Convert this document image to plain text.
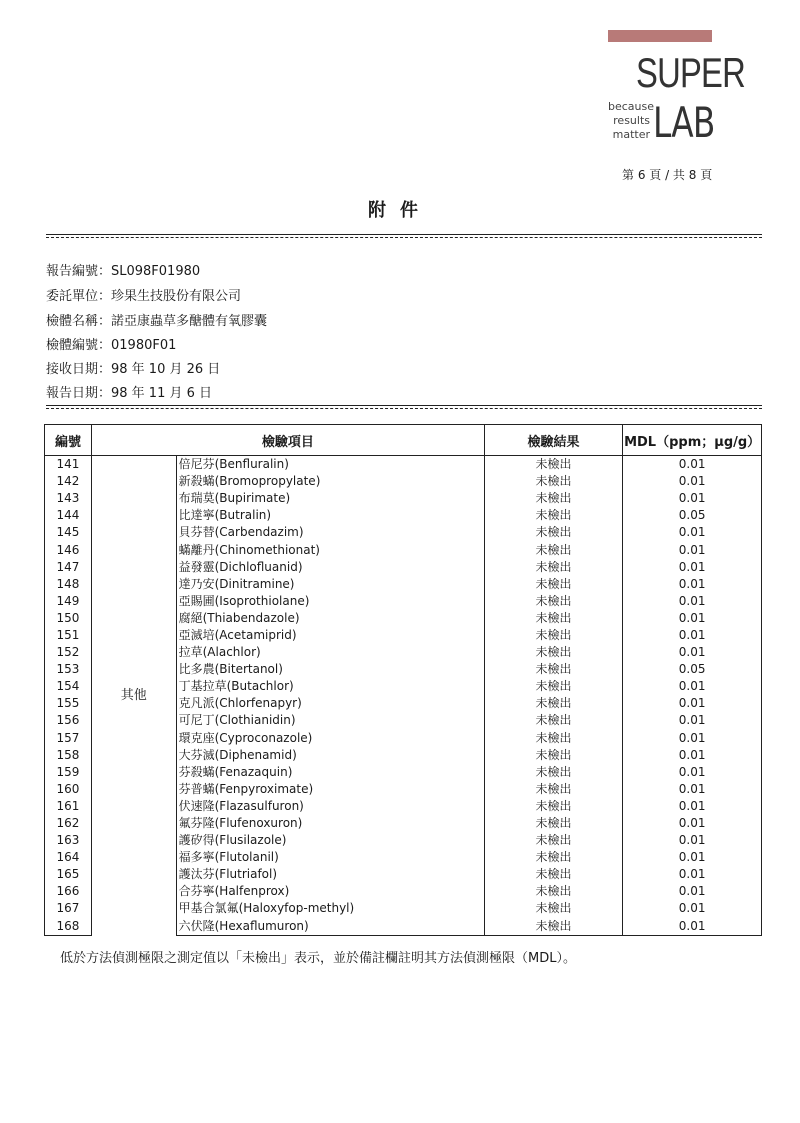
SUPER
because
results
matter LAB
第 6 頁 / 共 8 頁
附件
報告編號：SL098F01980
委託單位：珍果生技股份有限公司
檢體名稱：諾亞康蟲草多醣體有氧膠囊
檢體編號：01980F01
接收日期：98 年 10 月 26 日
報告日期：98 年 11 月 6 日
編號	檢驗項目		檢驗結果	MDL（ppm；μg/g）
141	其他	倍尼芬(Benfluralin)	未檢出	0.01
142		新殺蟎(Bromopropylate)	未檢出	0.01
143		布瑞莫(Bupirimate)	未檢出	0.01
144		比達寧(Butralin)	未檢出	0.05
145		貝芬替(Carbendazim)	未檢出	0.01
146		蟎離丹(Chinomethionat)	未檢出	0.01
147		益發靈(Dichlofluanid)	未檢出	0.01
148		達乃安(Dinitramine)	未檢出	0.01
149		亞賜圃(Isoprothiolane)	未檢出	0.01
150		腐絕(Thiabendazole)	未檢出	0.01
151		亞滅培(Acetamiprid)	未檢出	0.01
152		拉草(Alachlor)	未檢出	0.01
153		比多農(Bitertanol)	未檢出	0.05
154		丁基拉草(Butachlor)	未檢出	0.01
155		克凡派(Chlorfenapyr)	未檢出	0.01
156		可尼丁(Clothianidin)	未檢出	0.01
157		環克座(Cyproconazole)	未檢出	0.01
158		大芬滅(Diphenamid)	未檢出	0.01
159		芬殺蟎(Fenazaquin)	未檢出	0.01
160		芬普蟎(Fenpyroximate)	未檢出	0.01
161		伏速隆(Flazasulfuron)	未檢出	0.01
162		氟芬隆(Flufenoxuron)	未檢出	0.01
163		護矽得(Flusilazole)	未檢出	0.01
164		福多寧(Flutolanil)	未檢出	0.01
165		護汰芬(Flutriafol)	未檢出	0.01
166		合芬寧(Halfenprox)	未檢出	0.01
167		甲基合氯氟(Haloxyfop-methyl)	未檢出	0.01
168		六伏隆(Hexaflumuron)	未檢出	0.01
低於方法偵測極限之測定值以「未檢出」表示，並於備註欄註明其方法偵測極限（MDL）。
